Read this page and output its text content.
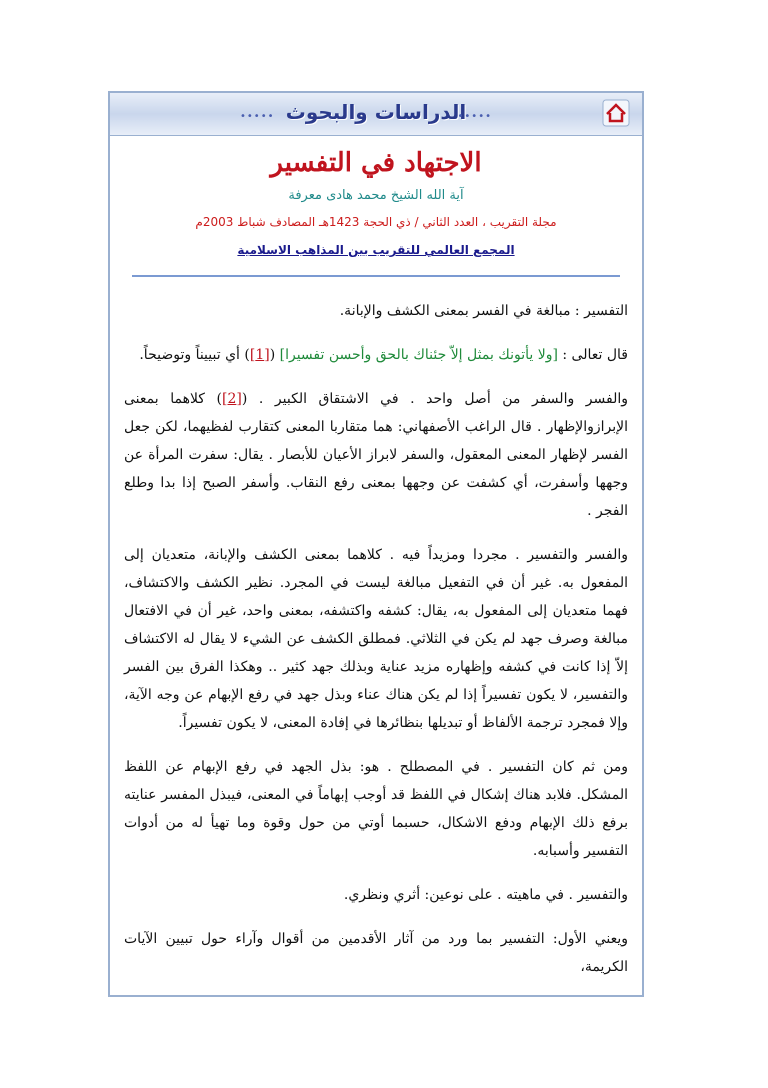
••••• الدراسات والبحوث
•••••
الاجتهاد في التفسير
آية الله الشيخ محمد هادى معرفة
مجلة التقريب ، العدد الثاني / ذي الحجة 1423هـ المصادف شباط 2003م
المجمع العالمي للتقريب بين المذاهب الاسلامية

التفسير : مبالغة في الفسر بمعنى الكشف والإبانة.

قال تعالى : [ولا يأتونك بمثل إلاّ جئناك بالحق وأحسن تفسيرا] ([1]) أي تبييناً وتوضيحاً.

والفسر والسفر من أصل واحد . في الاشتقاق الكبير . ([2]) كلاهما بمعنى الإبرازوالإظهار . قال الراغب الأصفهاني: هما متقاربا المعنى كتقارب لفظيهما، لكن جعل الفسر لإظهار المعنى المعقول، والسفر لابراز الأعيان للأبصار . يقال: سفرت المرأة عن وجهها وأسفرت، أي كشفت عن وجهها بمعنى رفع النقاب. وأسفر الصبح إذا بدا وطلع الفجر .

والفسر والتفسير . مجردا ومزيداً فيه . كلاهما بمعنى الكشف والإبانة، متعديان إلى المفعول به. غير أن في التفعيل مبالغة ليست في المجرد. نظير الكشف والاكتشاف، فهما متعديان إلى المفعول به، يقال: كشفه واكتشفه، بمعنى واحد، غير أن في الافتعال مبالغة وصرف جهد لم يكن في الثلاثي. فمطلق الكشف عن الشيء لا يقال له الاكتشاف إلاّ إذا كانت في كشفه وإظهاره مزيد عناية وبذلك جهد كثير .. وهكذا الفرق بين الفسر والتفسير، لا يكون تفسيراً إذا لم يكن هناك عناء وبذل جهد في رفع الإبهام عن وجه الآية، وإلا فمجرد ترجمة الألفاظ أو تبديلها بنظائرها في إفادة المعنى، لا يكون تفسيراً.

ومن ثم كان التفسير . في المصطلح . هو: بذل الجهد في رفع الإبهام عن اللفظ المشكل. فلابد هناك إشكال في اللفظ قد أوجب إبهاماً في المعنى، فيبذل المفسر عنايته برفع ذلك الإبهام ودفع الاشكال، حسبما أوتي من حول وقوة وما تهيأ له من أدوات التفسير وأسبابه.

والتفسير . في ماهيته . على نوعين: أثري ونظري.

ويعني الأول: التفسير بما ورد من آثار الأقدمين من أقوال وآراء حول تبيين الآيات الكريمة،
